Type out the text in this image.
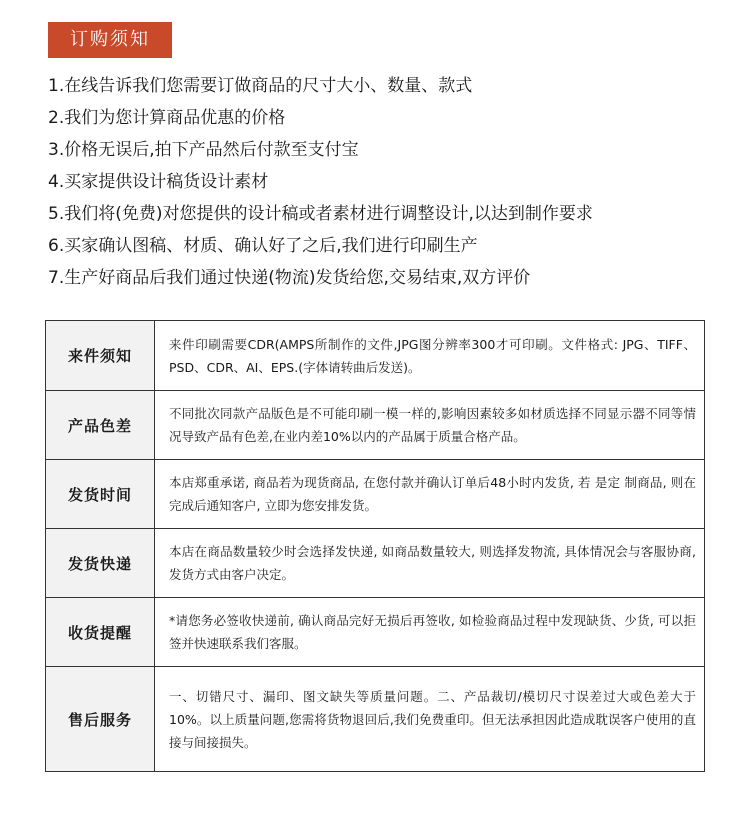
订购须知
1.在线告诉我们您需要订做商品的尺寸大小、数量、款式
2.我们为您计算商品优惠的价格
3.价格无误后,拍下产品然后付款至支付宝
4.买家提供设计稿货设计素材
5.我们将(免费)对您提供的设计稿或者素材进行调整设计,以达到制作要求
6.买家确认图稿、材质、确认好了之后,我们进行印刷生产
7.生产好商品后我们通过快递(物流)发货给您,交易结束,双方评价
来件须知	来件印刷需要CDR(AMPS所制作的文件,JPG图分辨率300才可印刷。文件格式: JPG、TIFF、PSD、CDR、AI、EPS.(字体请转曲后发送)。
产品色差	不同批次同款产品版色是不可能印刷一模一样的,影响因素较多如材质选择不同显示器不同等情况导致产品有色差,在业内差10%以内的产品属于质量合格产品。
发货时间	本店郑重承诺, 商品若为现货商品, 在您付款并确认订单后48小时内发货, 若 是定 制商品, 则在完成后通知客户, 立即为您安排发货。
发货快递	本店在商品数量较少时会选择发快递, 如商品数量较大, 则选择发物流, 具体情况会与客服协商, 发货方式由客户决定。
收货提醒	*请您务必签收快递前, 确认商品完好无损后再签收, 如检验商品过程中发现缺货、少货, 可以拒签并快速联系我们客服。
售后服务	一、切错尺寸、漏印、图文缺失等质量问题。二、产品裁切/模切尺寸误差过大或色差大于10%。以上质量问题,您需将货物退回后,我们免费重印。但无法承担因此造成耽误客户使用的直接与间接损失。
